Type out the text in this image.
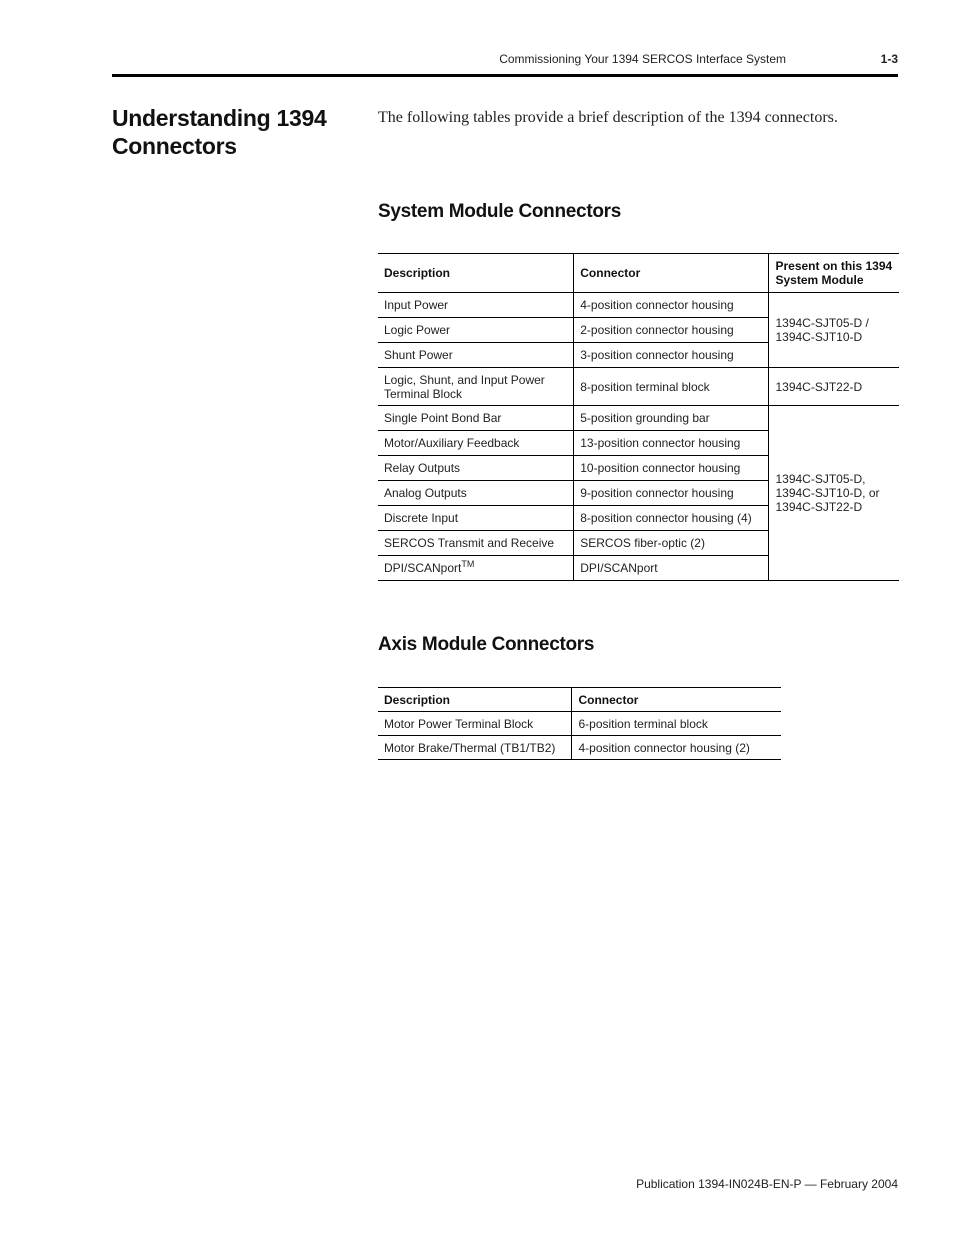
Commissioning Your 1394 SERCOS Interface System	1-3
Understanding 1394 Connectors

The following tables provide a brief description of the 1394 connectors.

System Module Connectors
Description	Connector	Present on this 1394 System Module
Input Power	4-position connector housing	1394C-SJT05-D / 1394C-SJT10-D
Logic Power	2-position connector housing	
Shunt Power	3-position connector housing	
Logic, Shunt, and Input Power Terminal Block	8-position terminal block	1394C-SJT22-D
Single Point Bond Bar	5-position grounding bar	1394C-SJT05-D, 1394C-SJT10-D, or 1394C-SJT22-D
Motor/Auxiliary Feedback	13-position connector housing	
Relay Outputs	10-position connector housing	
Analog Outputs	9-position connector housing	
Discrete Input	8-position connector housing (4)	
SERCOS Transmit and Receive	SERCOS fiber-optic (2)	
DPI/SCANport™	DPI/SCANport	
Axis Module Connectors
Description	Connector
Motor Power Terminal Block	6-position terminal block
Motor Brake/Thermal (TB1/TB2)	4-position connector housing (2)
Publication 1394-IN024B-EN-P — February 2004
